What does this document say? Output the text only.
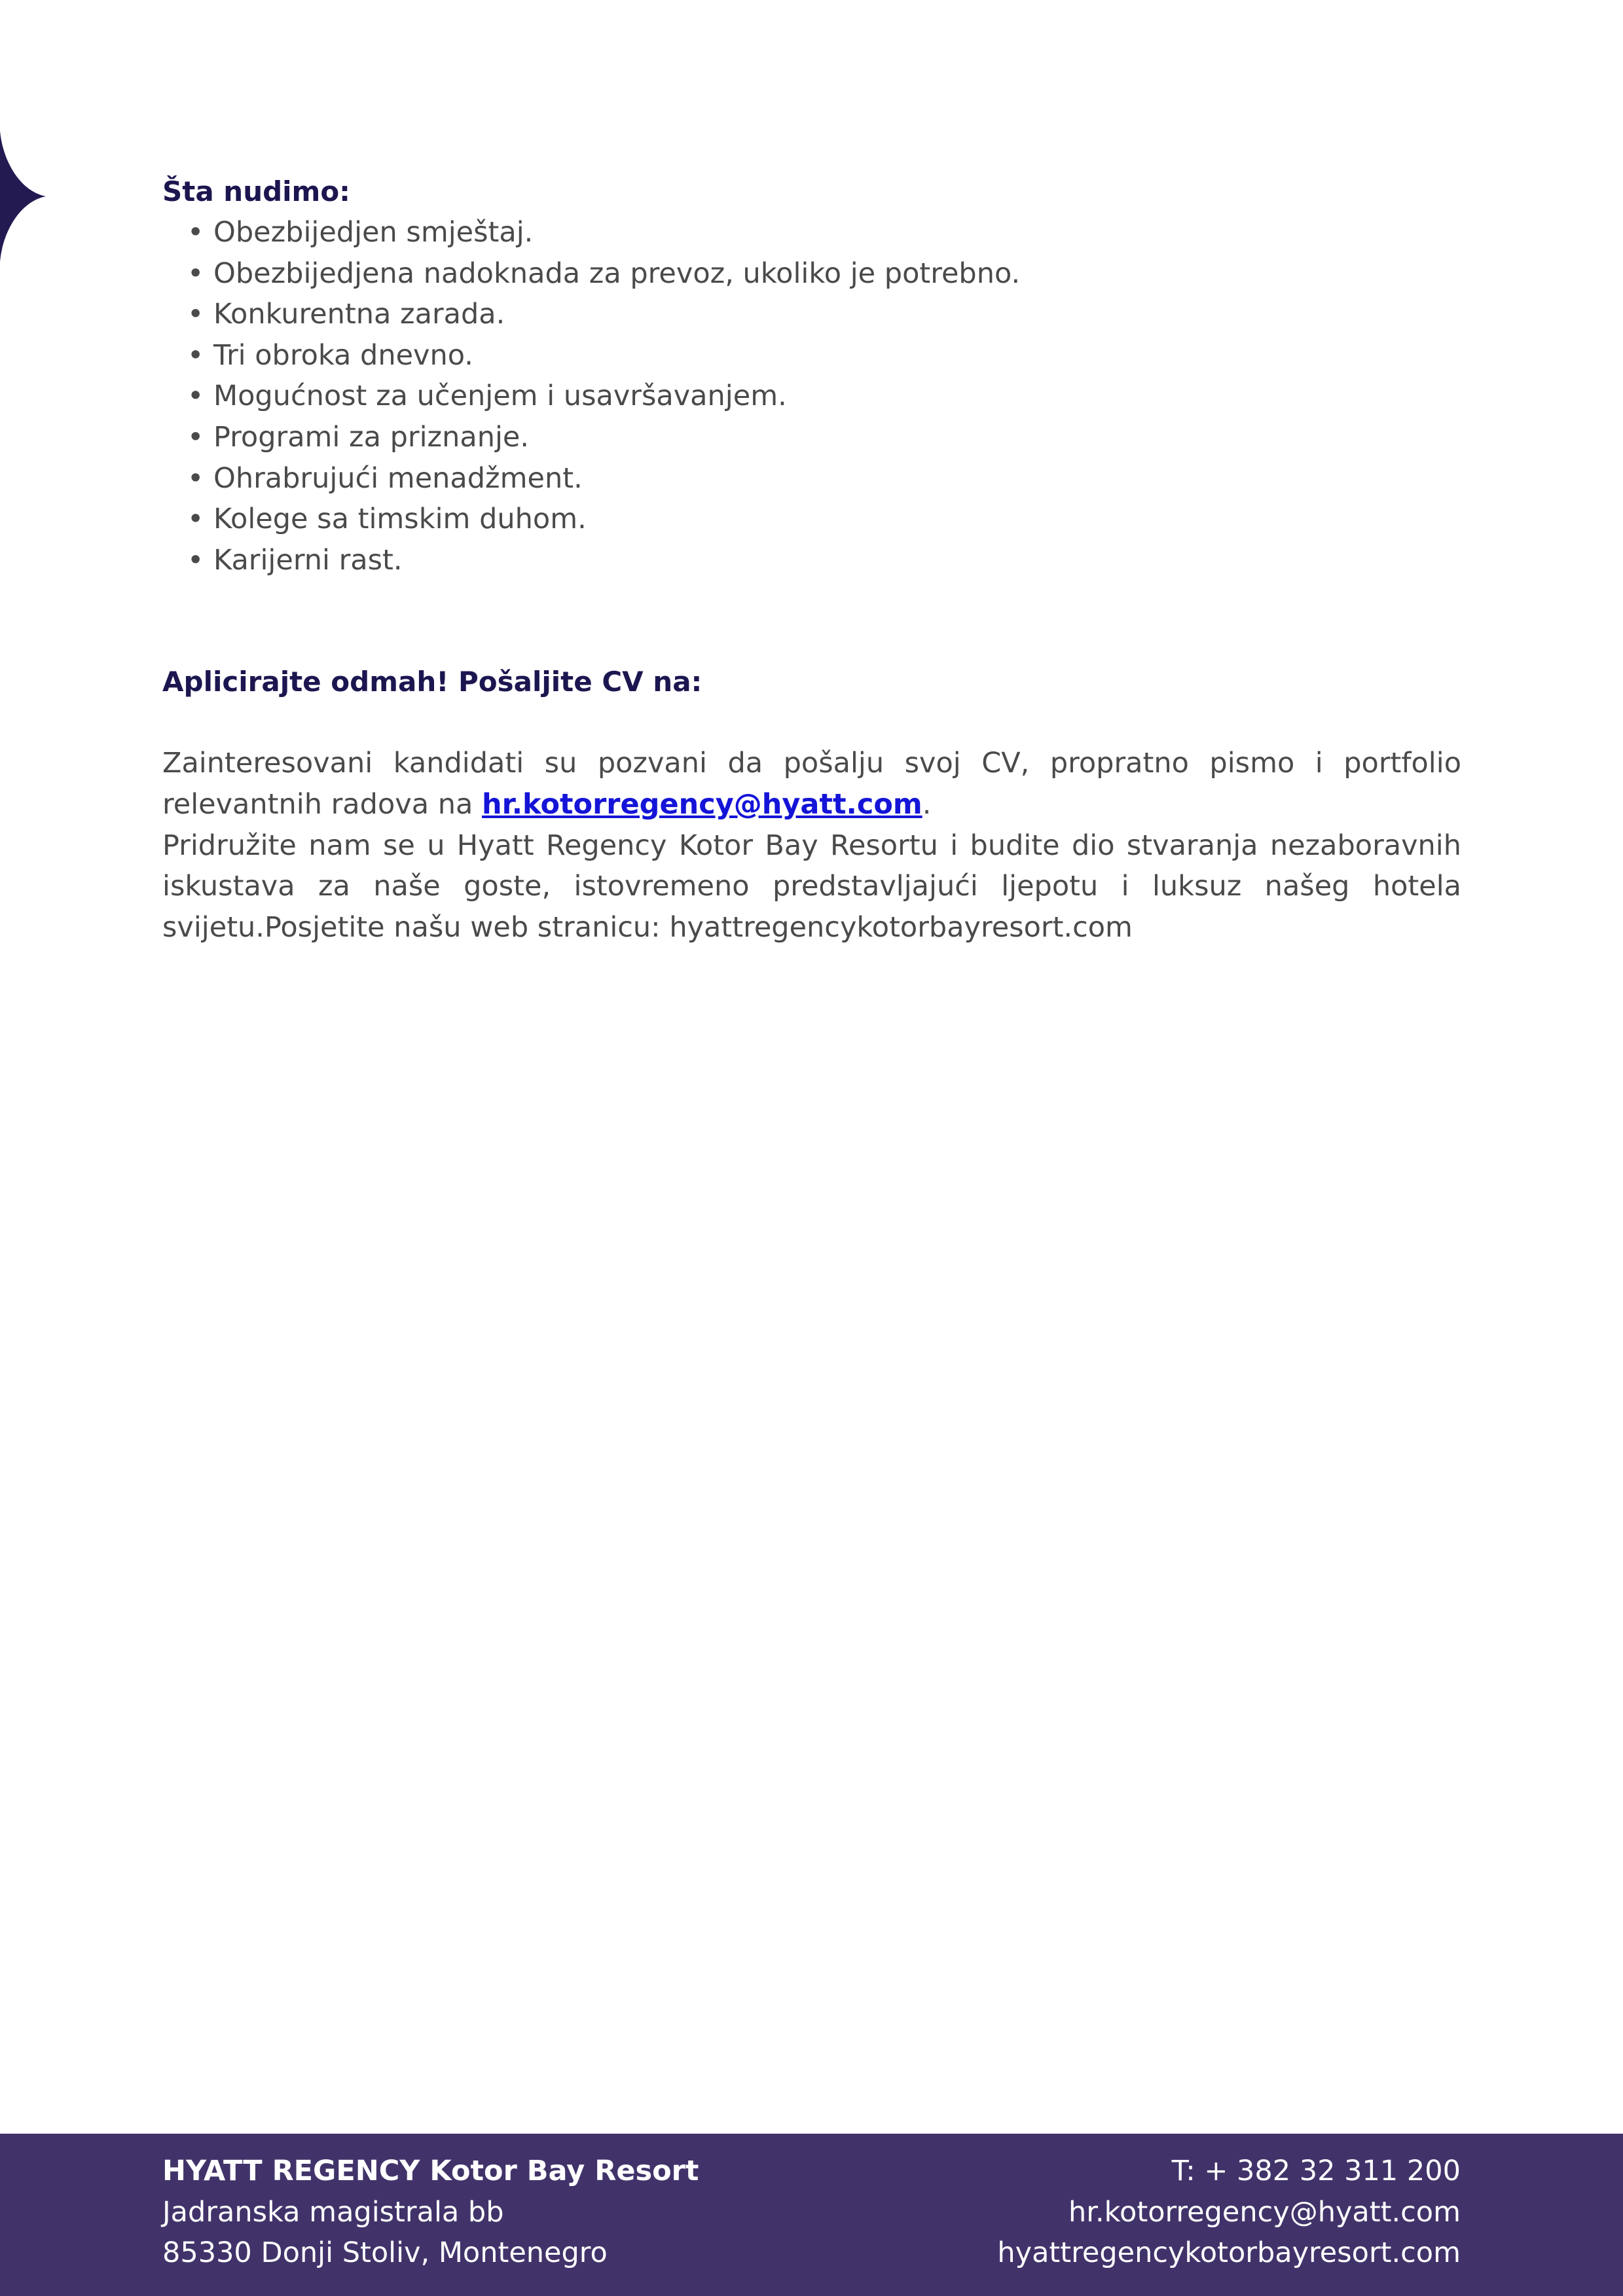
Šta nudimo:
• Obezbijedjen smještaj.
• Obezbijedjena nadoknada za prevoz, ukoliko je potrebno.
• Konkurentna zarada.
• Tri obroka dnevno.
• Mogućnost za učenjem i usavršavanjem.
• Programi za priznanje.
• Ohrabrujući menadžment.
• Kolege sa timskim duhom.
• Karijerni rast.
Aplicirajte odmah! Pošaljite CV na:

Zainteresovani kandidati su pozvani da pošalju svoj CV, propratno pismo i portfolio relevantnih radova na hr.kotorregency@hyatt.com.

Pridružite nam se u Hyatt Regency Kotor Bay Resortu i budite dio stvaranja nezaboravnih iskustava za naše goste, istovremeno predstavljajući ljepotu i luksuz našeg hotela svijetu.Posjetite našu web stranicu: hyattregencykotorbayresort.com

HYATT REGENCY Kotor Bay Resort
Jadranska magistrala bb
85330 Donji Stoliv, Montenegro
T: + 382 32 311 200
hr.kotorregency@hyatt.com
hyattregencykotorbayresort.com
